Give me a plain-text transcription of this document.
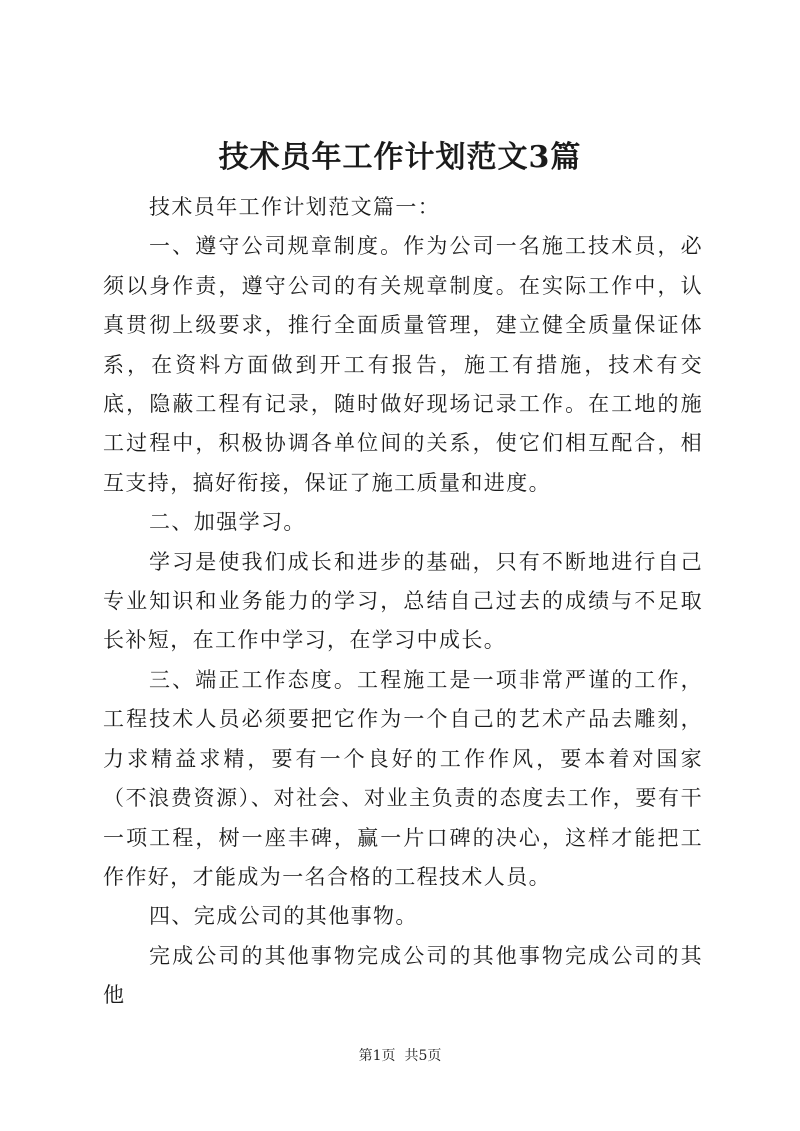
技术员年工作计划范文3篇

技术员年工作计划范文篇一：

一、遵守公司规章制度。作为公司一名施工技术员，必须以身作责，遵守公司的有关规章制度。在实际工作中，认真贯彻上级要求，推行全面质量管理，建立健全质量保证体系，在资料方面做到开工有报告，施工有措施，技术有交底，隐蔽工程有记录，随时做好现场记录工作。在工地的施工过程中，积极协调各单位间的关系，使它们相互配合，相互支持，搞好衔接，保证了施工质量和进度。

二、加强学习。

学习是使我们成长和进步的基础，只有不断地进行自己专业知识和业务能力的学习，总结自己过去的成绩与不足取长补短，在工作中学习，在学习中成长。

三、端正工作态度。工程施工是一项非常严谨的工作，工程技术人员必须要把它作为一个自己的艺术产品去雕刻，力求精益求精，要有一个良好的工作作风，要本着对国家（不浪费资源）、对社会、对业主负责的态度去工作，要有干一项工程，树一座丰碑，赢一片口碑的决心，这样才能把工作作好，才能成为一名合格的工程技术人员。

四、完成公司的其他事物。

完成公司的其他事物完成公司的其他事物完成公司的其他

第1页 共5页
